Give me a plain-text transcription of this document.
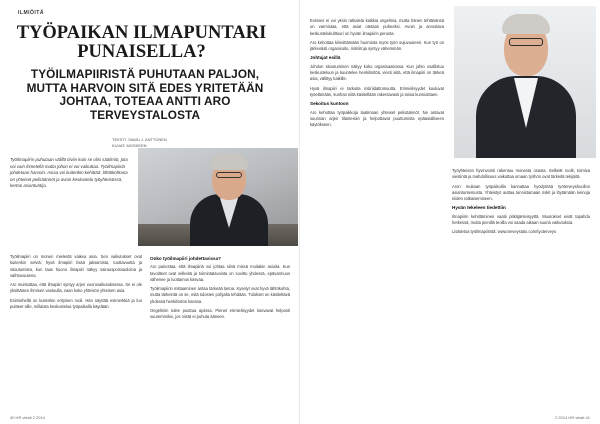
ILMIÖITÄ
TYÖPAIKAN ILMAPUNTARI PUNAISELLA?
TYÖILMAPIIRISTÄ PUHUTAAN PALJON, MUTTA HARVOIN SITÄ EDES YRITETÄÄN JOHTAA, TOTEAA ANTTI ARO TERVEYSTALOSTA
TEKSTI: SAMU J. ANTTONEN
KUVAT: MOSKEEN

Työilmapiirin puhutaan välillä tiiviin kuin se olisi sääilmiö, jota voi vain ihmetellä mutta johon ei voi vaikuttaa. Työilmapiiriä johdetaan harvoin. Asiaa voi kuitenkin kehittää: lähtökohtana on yhteiset pelisäännöt ja avoin keskustelu työyhteisössä, kertoo asiantuntija.

Työilmapiiri on monen mielestä vaikea asia. Sen vaikutukset ovat kuitenkin selviä: hyvä ilmapiiri lisää jaksamista, tuottavuutta ja sitoutumista, kun taas huono ilmapiiri näkyy sairauspoissaoloina ja vaihtuvuutena.

Aro muistuttaa, että ilmapiiri syntyy arjen vuorovaikutuksessa. Se ei ole yksittäisen ihmisen vastuulla, vaan koko yhteisön yhteinen asia.

Esimiehellä on kuitenkin erityinen rooli. Hän näyttää esimerkkiä ja luo puitteet sille, millaista keskustelua työpaikalla käydään.

Onko työilmapiiri johdettavissa?

Aro painottaa, että ilmapiiriä voi johtaa siinä missä muitakin asioita. Kun tavoitteet ovat selkeitä ja toimintatavoista on sovittu yhdessä, epävarmuus vähenee ja luottamus kasvaa.

Työilmapiirin mittaaminen antaa tärkeää tietoa. Kyselyt ovat hyvä lähtökohta, mutta tärkeintä on se, mitä tulosten pohjalta tehdään. Tulokset on käsiteltävä yhdessä henkilöstön kanssa.

Ongelmiin tulee puuttua ajoissa. Pienet erimielisyydet kasvavat helposti suuremmiksi, jos niistä ei puhuta ääneen.

40 HR viesti 2 2014

Esimies ei voi yksin ratkaista kaikkia ongelmia, mutta hänen tehtävänsä on varmistaa, että asiat otetaan puheeksi. Avoin ja arvostava keskustelukulttuuri on hyvän ilmapiirin perusta.

Aro kehottaa kiinnittämään huomiota myös työn sujuvuuteen. Kun työ on järkevästi organisoitu, ristiriitoja syntyy vähemmän.

Johtajat esillä

Johdon sitoutuminen näkyy koko organisaatiossa. Kun johto osallistuu keskusteluun ja kuuntelee henkilöstöä, viesti siitä, että ilmapiiri on tärkeä asia, välittyy kaikille.

Hyvä ilmapiiri ei tarkoita ristiriidattomuutta. Erimielisyydet kuuluvat työelämään, kunhan niitä käsitellään rakentavasti ja toisia kunnioittaen.

Sekoitus kuntoon

Aro kehottaa työpaikkoja laatimaan yhteiset pelisäännöt. Ne antavat suunnan arjen tilanteisiin ja helpottavat puuttumista epäasialliseen käytökseen.

Työyhteisön hyvinvointi rakentuu monesta osasta. Selkeät roolit, toimiva viestintä ja mahdollisuus vaikuttaa omaan työhön ovat tärkeitä tekijöitä.

Aron mukaan työpaikoilla kannattaa hyödyntää työterveyshuollon asiantuntemusta. Yhteistyö auttaa tunnistamaan riskit ja löytämään keinoja niiden ratkaisemiseen.

Hyvän tekeleen tiedettiin

Ilmapiirin kehittäminen vaatii pitkäjänteisyyttä. Muutokset eivät tapahdu hetkessä, mutta pienillä teoilla voi saada aikaan suuria vaikutuksia.

Lisätietoa työilmapiiristä: www.terveystalo.com/tyoterveys

2 2014 HR viesti 41
